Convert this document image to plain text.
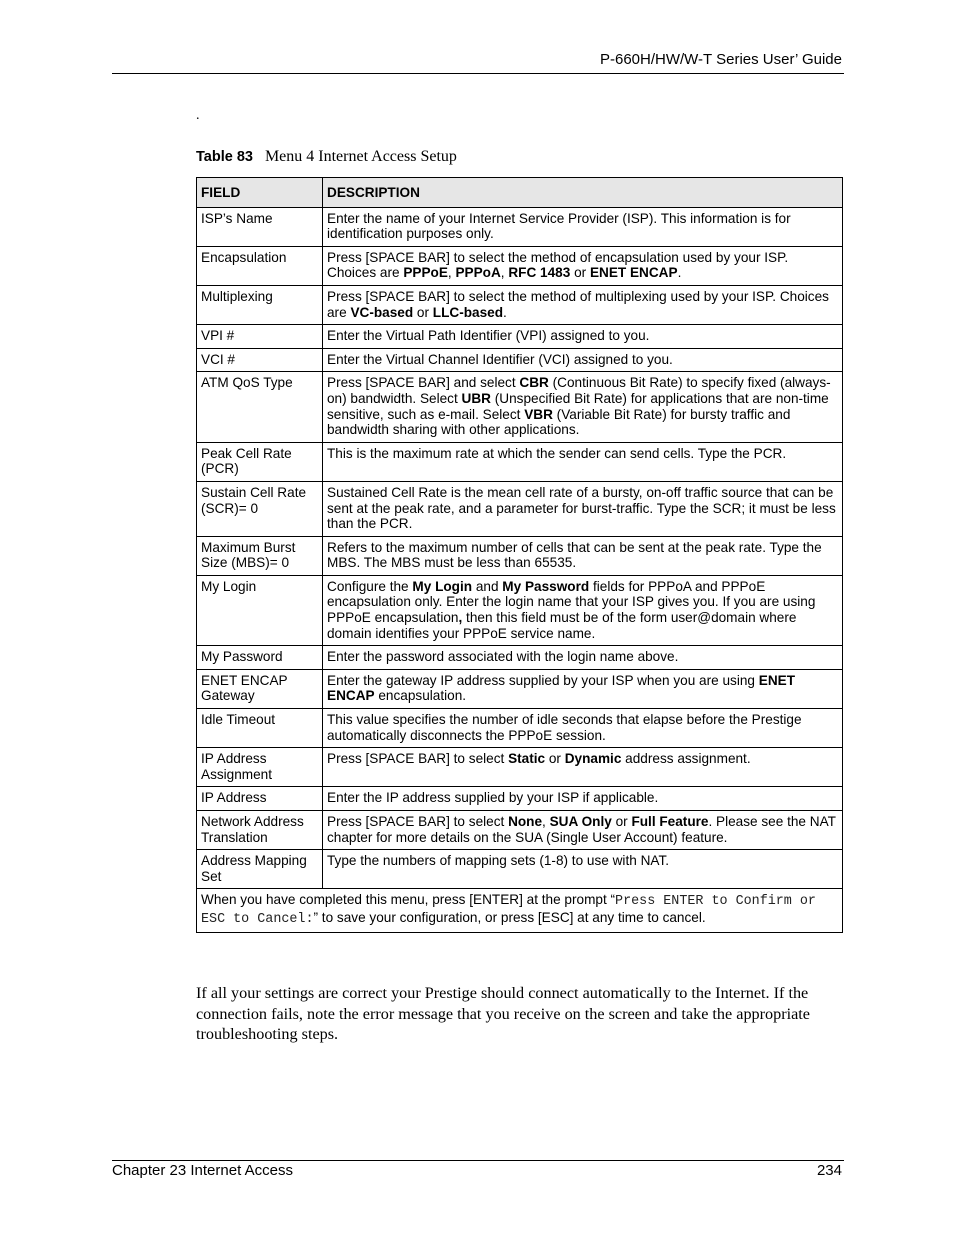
P-660H/HW/W-T Series User’ Guide
.
Table 83 Menu 4 Internet Access Setup
FIELD	DESCRIPTION
ISP’s Name	Enter the name of your Internet Service Provider (ISP). This information is for identification purposes only.
Encapsulation	Press [SPACE BAR] to select the method of encapsulation used by your ISP. Choices are PPPoE, PPPoA, RFC 1483 or ENET ENCAP.
Multiplexing	Press [SPACE BAR] to select the method of multiplexing used by your ISP. Choices are VC-based or LLC-based.
VPI #	Enter the Virtual Path Identifier (VPI) assigned to you.
VCI #	Enter the Virtual Channel Identifier (VCI) assigned to you.
ATM QoS Type	Press [SPACE BAR] and select CBR (Continuous Bit Rate) to specify fixed (always-on) bandwidth. Select UBR (Unspecified Bit Rate) for applications that are non-time sensitive, such as e-mail. Select VBR (Variable Bit Rate) for bursty traffic and bandwidth sharing with other applications.
Peak Cell Rate (PCR)	This is the maximum rate at which the sender can send cells. Type the PCR.
Sustain Cell Rate (SCR)= 0	Sustained Cell Rate is the mean cell rate of a bursty, on-off traffic source that can be sent at the peak rate, and a parameter for burst-traffic. Type the SCR; it must be less than the PCR.
Maximum Burst Size (MBS)= 0	Refers to the maximum number of cells that can be sent at the peak rate. Type the MBS. The MBS must be less than 65535.
My Login	Configure the My Login and My Password fields for PPPoA and PPPoE encapsulation only. Enter the login name that your ISP gives you. If you are using PPPoE encapsulation, then this field must be of the form user@domain where domain identifies your PPPoE service name.
My Password	Enter the password associated with the login name above.
ENET ENCAP Gateway	Enter the gateway IP address supplied by your ISP when you are using ENET ENCAP encapsulation.
Idle Timeout	This value specifies the number of idle seconds that elapse before the Prestige automatically disconnects the PPPoE session.
IP Address Assignment	Press [SPACE BAR] to select Static or Dynamic address assignment.
IP Address	Enter the IP address supplied by your ISP if applicable.
Network Address Translation	Press [SPACE BAR] to select None, SUA Only or Full Feature. Please see the NAT chapter for more details on the SUA (Single User Account) feature.
Address Mapping Set	Type the numbers of mapping sets (1-8) to use with NAT.
When you have completed this menu, press [ENTER] at the prompt “Press ENTER to Confirm or ESC to Cancel:” to save your configuration, or press [ESC] at any time to cancel.	
If all your settings are correct your Prestige should connect automatically to the Internet. If the connection fails, note the error message that you receive on the screen and take the appropriate troubleshooting steps.
Chapter 23 Internet Access	234
